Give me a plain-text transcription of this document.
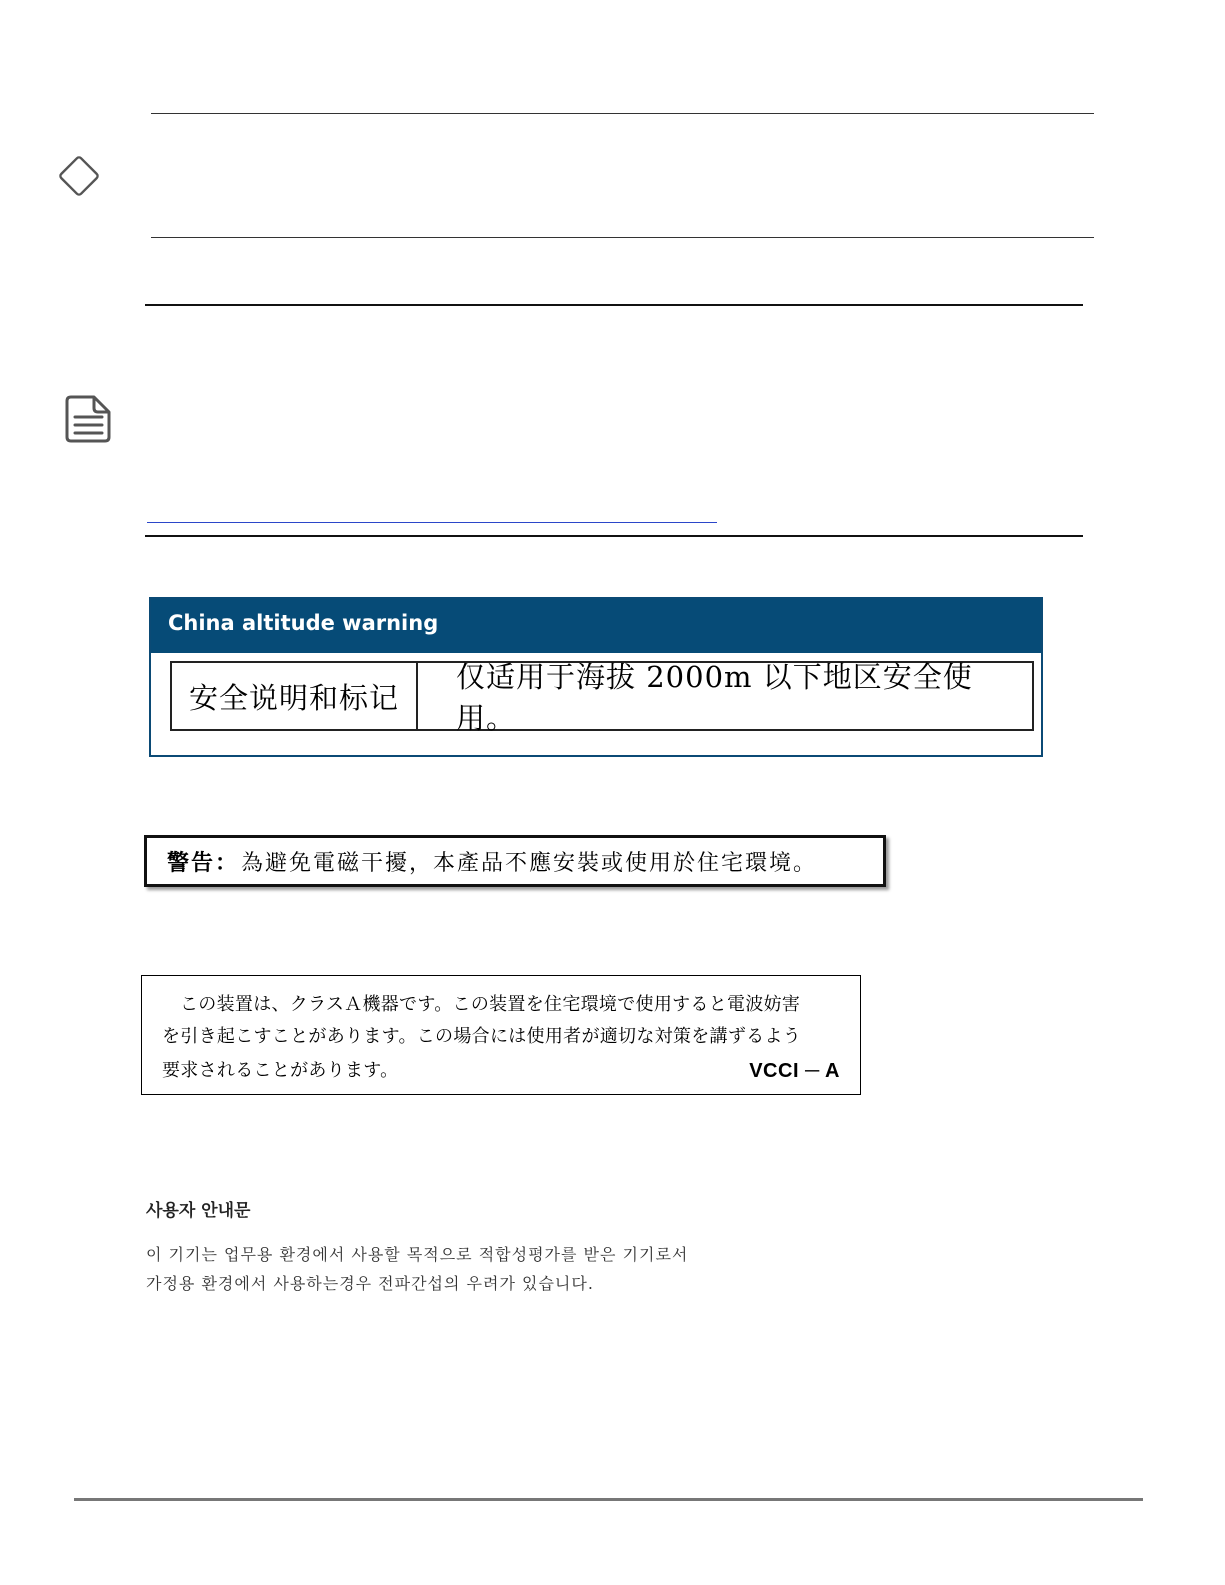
China altitude warning
安全说明和标记
仅适用于海拔 2000m 以下地区安全使用。
警告： 為避免電磁干擾，本產品不應安裝或使用於住宅環境。
この装置は、クラスＡ機器です。この装置を住宅環境で使用すると電波妨害
を引き起こすことがあります。この場合には使用者が適切な対策を講ずるよう
要求されることがあります。	VCCI ─ A
사용자 안내문
이 기기는 업무용 환경에서 사용할 목적으로 적합성평가를 받은 기기로서
가정용 환경에서 사용하는경우 전파간섭의 우려가 있습니다.
